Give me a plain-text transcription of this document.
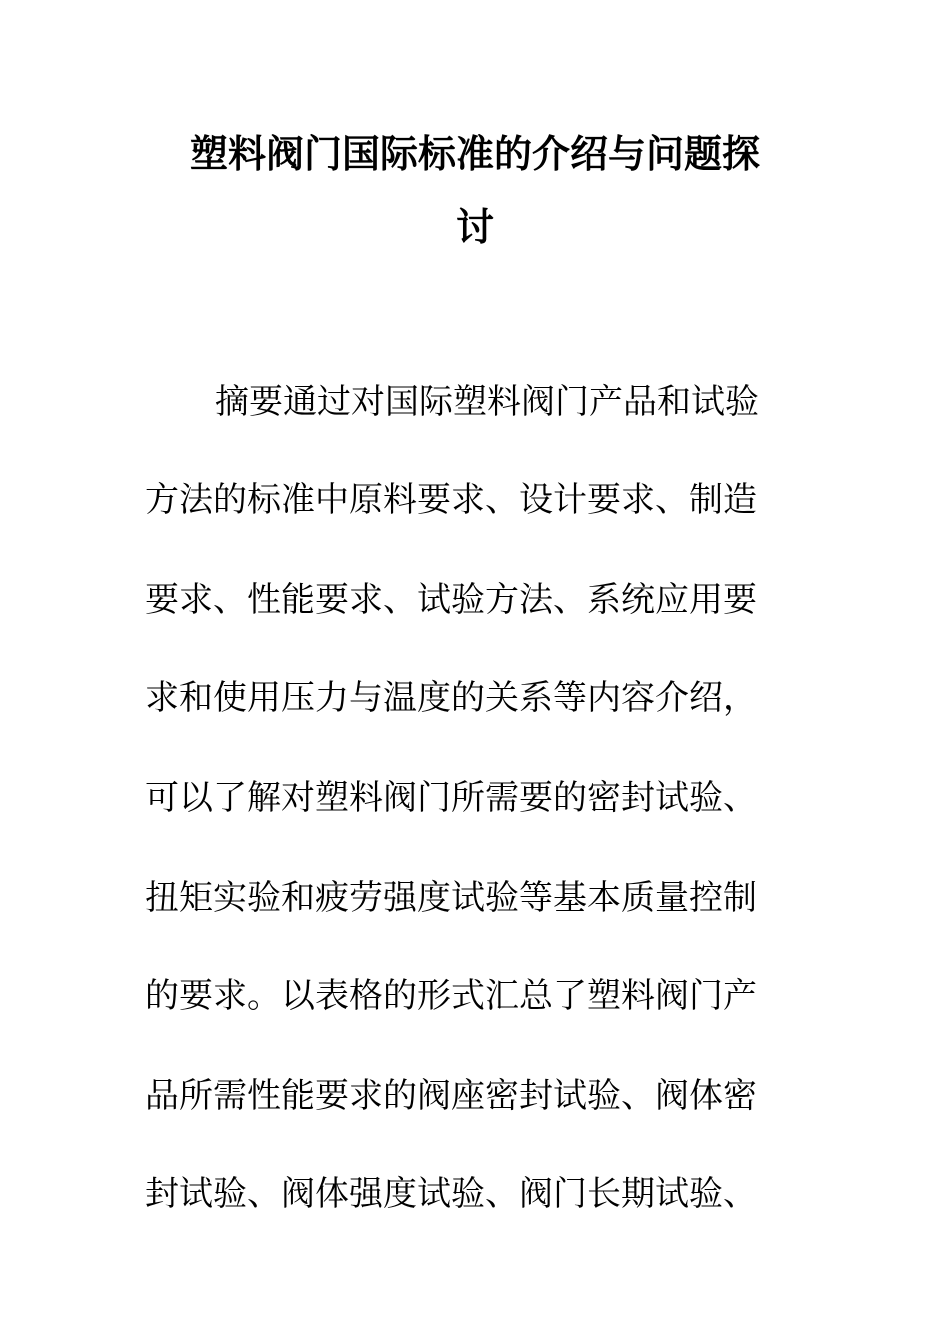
塑料阀门国际标准的介绍与问题探
讨
摘要通过对国际塑料阀门产品和试验
方法的标准中原料要求、设计要求、制造
要求、性能要求、试验方法、系统应用要
求和使用压力与温度的关系等内容介绍，
可以了解对塑料阀门所需要的密封试验、
扭矩实验和疲劳强度试验等基本质量控制
的要求。以表格的形式汇总了塑料阀门产
品所需性能要求的阀座密封试验、阀体密
封试验、阀体强度试验、阀门长期试验、
